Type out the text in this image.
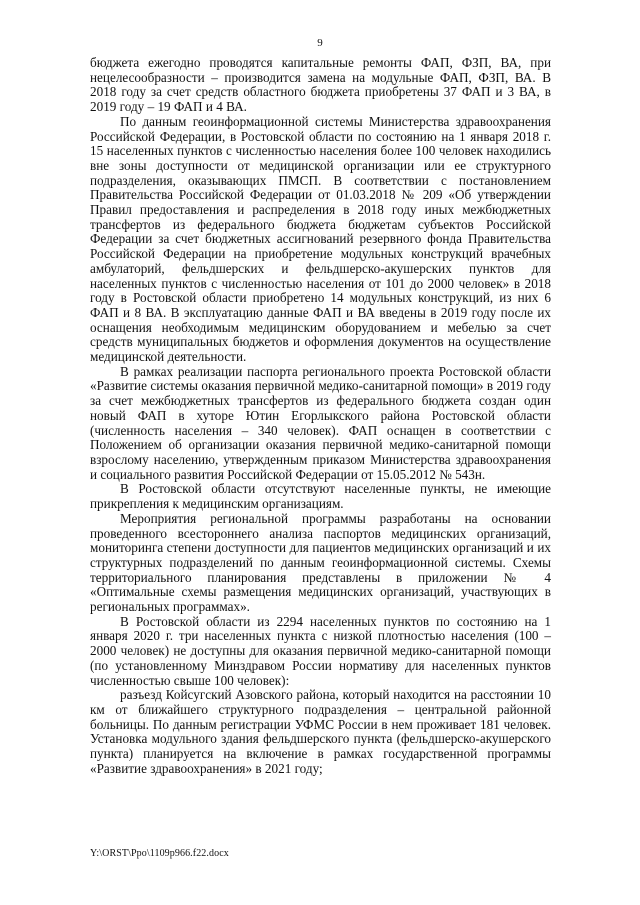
9

бюджета ежегодно проводятся капитальные ремонты ФАП, ФЗП, ВА, при нецелесообразности – производится замена на модульные ФАП, ФЗП, ВА. В 2018 году за счет средств областного бюджета приобретены 37 ФАП и 3 ВА, в 2019 году – 19 ФАП и 4 ВА.

По данным геоинформационной системы Министерства здравоохранения Российской Федерации, в Ростовской области по состоянию на 1 января 2018 г. 15 населенных пунктов с численностью населения более 100 человек находились вне зоны доступности от медицинской организации или ее структурного подразделения, оказывающих ПМСП. В соответствии с постановлением Правительства Российской Федерации от 01.03.2018 № 209 «Об утверждении Правил предоставления и распределения в 2018 году иных межбюджетных трансфертов из федерального бюджета бюджетам субъектов Российской Федерации за счет бюджетных ассигнований резервного фонда Правительства Российской Федерации на приобретение модульных конструкций врачебных амбулаторий, фельдшерских и фельдшерско-акушерских пунктов для населенных пунктов с численностью населения от 101 до 2000 человек» в 2018 году в Ростовской области приобретено 14 модульных конструкций, из них 6 ФАП и 8 ВА. В эксплуатацию данные ФАП и ВА введены в 2019 году после их оснащения необходимым медицинским оборудованием и мебелью за счет средств муниципальных бюджетов и оформления документов на осуществление медицинской деятельности.

В рамках реализации паспорта регионального проекта Ростовской области «Развитие системы оказания первичной медико-санитарной помощи» в 2019 году за счет межбюджетных трансфертов из федерального бюджета создан один новый ФАП в хуторе Ютин Егорлыкского района Ростовской области (численность населения – 340 человек). ФАП оснащен в соответствии с Положением об организации оказания первичной медико-санитарной помощи взрослому населению, утвержденным приказом Министерства здравоохранения и социального развития Российской Федерации от 15.05.2012 № 543н.

В Ростовской области отсутствуют населенные пункты, не имеющие прикрепления к медицинским организациям.

Мероприятия региональной программы разработаны на основании проведенного всестороннего анализа паспортов медицинских организаций, мониторинга степени доступности для пациентов медицинских организаций и их структурных подразделений по данным геоинформационной системы. Схемы территориального планирования представлены в приложении № 4 «Оптимальные схемы размещения медицинских организаций, участвующих в региональных программах».

В Ростовской области из 2294 населенных пунктов по состоянию на 1 января 2020 г. три населенных пункта с низкой плотностью населения (100 – 2000 человек) не доступны для оказания первичной медико-санитарной помощи (по установленному Минздравом России нормативу для населенных пунктов численностью свыше 100 человек):

разъезд Койсугский Азовского района, который находится на расстоянии 10 км от ближайшего структурного подразделения – центральной районной больницы. По данным регистрации УФМС России в нем проживает 181 человек. Установка модульного здания фельдшерского пункта (фельдшерско-акушерского пункта) планируется на включение в рамках государственной программы «Развитие здравоохранения» в 2021 году;

Y:\ORST\Ppo\1109p966.f22.docx
